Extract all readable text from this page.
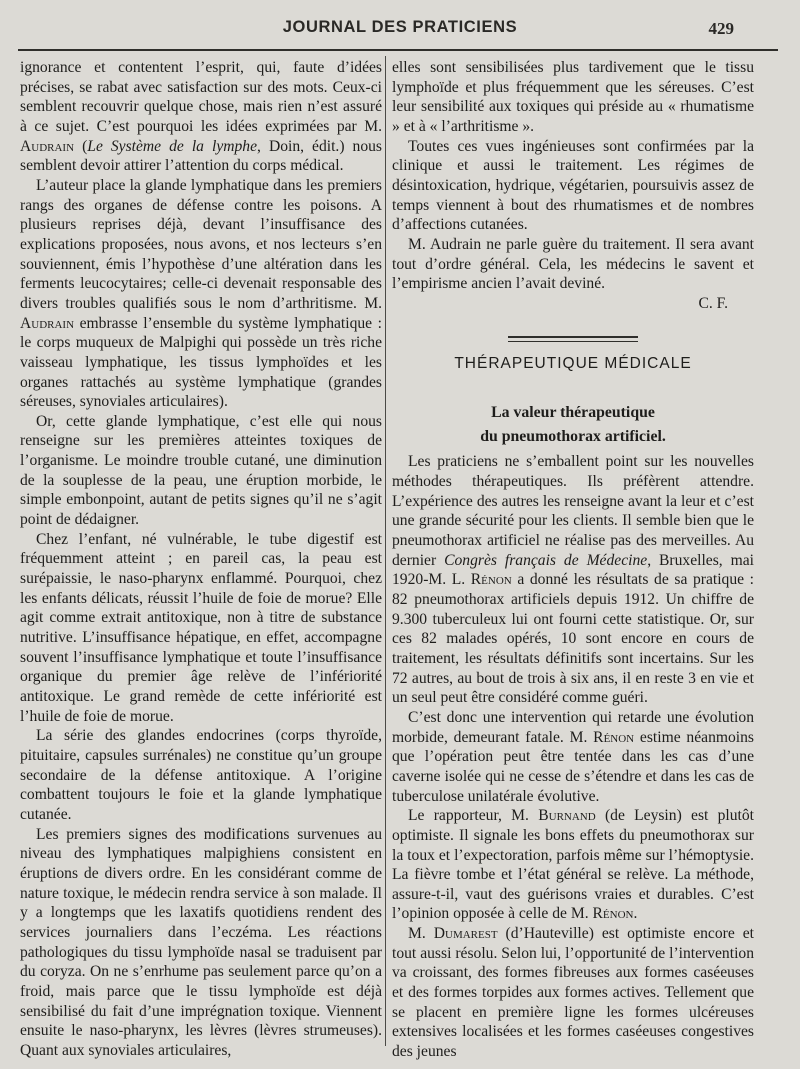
JOURNAL DES PRATICIENS	429

ignorance et contentent l’esprit, qui, faute d’idées précises, se rabat avec satisfaction sur des mots. Ceux-ci semblent recouvrir quelque chose, mais rien n’est assuré à ce sujet. C’est pourquoi les idées exprimées par M. Audrain (Le Système de la lymphe, Doin, édit.) nous semblent devoir attirer l’attention du corps médical.

L’auteur place la glande lymphatique dans les premiers rangs des organes de défense contre les poisons. A plusieurs reprises déjà, devant l’insuffisance des explications proposées, nous avons, et nos lecteurs s’en souviennent, émis l’hypothèse d’une altération dans les ferments leucocytaires; celle-ci devenait responsable des divers troubles qualifiés sous le nom d’arthritisme. M. Audrain embrasse l’ensemble du système lymphatique : le corps muqueux de Malpighi qui possède un très riche vaisseau lymphatique, les tissus lymphoïdes et les organes rattachés au système lymphatique (grandes séreuses, synoviales articulaires).

Or, cette glande lymphatique, c’est elle qui nous renseigne sur les premières atteintes toxiques de l’organisme. Le moindre trouble cutané, une diminution de la souplesse de la peau, une éruption morbide, le simple embonpoint, autant de petits signes qu’il ne s’agit point de dédaigner.

Chez l’enfant, né vulnérable, le tube digestif est fréquemment atteint ; en pareil cas, la peau est surépaissie, le naso-pharynx enflammé. Pourquoi, chez les enfants délicats, réussit l’huile de foie de morue? Elle agit comme extrait antitoxique, non à titre de substance nutritive. L’insuffisance hépatique, en effet, accompagne souvent l’insuffisance lymphatique et toute l’insuffisance organique du premier âge relève de l’infériorité antitoxique. Le grand remède de cette infériorité est l’huile de foie de morue.

La série des glandes endocrines (corps thyroïde, pituitaire, capsules surrénales) ne constitue qu’un groupe secondaire de la défense antitoxique. A l’origine combattent toujours le foie et la glande lymphatique cutanée.

Les premiers signes des modifications survenues au niveau des lymphatiques malpighiens consistent en éruptions de divers ordre. En les considérant comme de nature toxique, le médecin rendra service à son malade. Il y a longtemps que les laxatifs quotidiens rendent des services journaliers dans l’eczéma. Les réactions pathologiques du tissu lymphoïde nasal se traduisent par du coryza. On ne s’enrhume pas seulement parce qu’on a froid, mais parce que le tissu lymphoïde est déjà sensibilisé du fait d’une imprégnation toxique. Viennent ensuite le naso-pharynx, les lèvres (lèvres strumeuses). Quant aux synoviales articulaires,

elles sont sensibilisées plus tardivement que le tissu lymphoïde et plus fréquemment que les séreuses. C’est leur sensibilité aux toxiques qui préside au « rhumatisme » et à « l’arthritisme ».

Toutes ces vues ingénieuses sont confirmées par la clinique et aussi le traitement. Les régimes de désintoxication, hydrique, végétarien, poursuivis assez de temps viennent à bout des rhumatismes et de nombres d’affections cutanées.

M. Audrain ne parle guère du traitement. Il sera avant tout d’ordre général. Cela, les médecins le savent et l’empirisme ancien l’avait deviné.

C. F.

THÉRAPEUTIQUE MÉDICALE
La valeur thérapeutique
du pneumothorax artificiel.

Les praticiens ne s’emballent point sur les nouvelles méthodes thérapeutiques. Ils préfèrent attendre. L’expérience des autres les renseigne avant la leur et c’est une grande sécurité pour les clients. Il semble bien que le pneumothorax artificiel ne réalise pas des merveilles. Au dernier Congrès français de Médecine, Bruxelles, mai 1920-M. L. Rénon a donné les résultats de sa pratique : 82 pneumothorax artificiels depuis 1912. Un chiffre de 9.300 tuberculeux lui ont fourni cette statistique. Or, sur ces 82 malades opérés, 10 sont encore en cours de traitement, les résultats définitifs sont incertains. Sur les 72 autres, au bout de trois à six ans, il en reste 3 en vie et un seul peut être considéré comme guéri.

C’est donc une intervention qui retarde une évolution morbide, demeurant fatale. M. Rénon estime néanmoins que l’opération peut être tentée dans les cas d’une caverne isolée qui ne cesse de s’étendre et dans les cas de tuberculose unilatérale évolutive.

Le rapporteur, M. Burnand (de Leysin) est plutôt optimiste. Il signale les bons effets du pneumothorax sur la toux et l’expectoration, parfois même sur l’hémoptysie. La fièvre tombe et l’état général se relève. La méthode, assure-t-il, vaut des guérisons vraies et durables. C’est l’opinion opposée à celle de M. Rénon.

M. Dumarest (d’Hauteville) est optimiste encore et tout aussi résolu. Selon lui, l’opportunité de l’intervention va croissant, des formes fibreuses aux formes caséeuses et des formes torpides aux formes actives. Tellement que se placent en première ligne les formes ulcéreuses extensives localisées et les formes caséeuses congestives des jeunes
